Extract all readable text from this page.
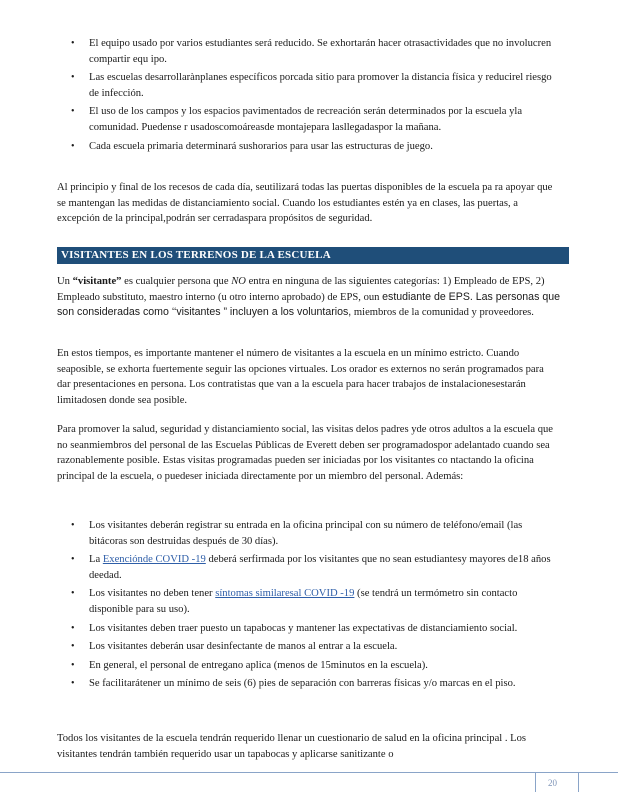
• El equipo usado por varios estudiantes será reducido. Se exhortarán hacer otrasactividades que no involucren compartir equ ipo.
• Las escuelas desarrollarànplanes específicos porcada sitio para promover la distancia física y reducirel riesgo de infección.
• El uso de los campos y los espacios pavimentados de recreación serán determinados por la escuela yla comunidad. Puedense r usadoscomoáreasde montajepara lasllegadaspor la mañana.
• Cada escuela primaria determinará sushorarios para usar las estructuras de juego.

Al principio y final de los recesos de cada día, seutilizará todas las puertas disponibles de la escuela pa ra apoyar que se mantengan las medidas de distanciamiento social. Cuando los estudiantes estén ya en clases, las puertas, a excepción de la principal,podrán ser cerradaspara propósitos de seguridad.

VISITANTES EN LOS TERRENOS DE LA ESCUELA

Un “visitante” es cualquier persona que NO entra en ninguna de las siguientes categorías: 1) Empleado de EPS, 2) Empleado substituto, maestro interno (u otro interno aprobado) de EPS, oun estudiante de EPS. Las personas que son consideradas como ‘‘visitantes ” incluyen a los voluntarios, miembros de la comunidad y proveedores.

En estos tiempos, es importante mantener el número de visitantes a la escuela en un mínimo estricto. Cuando seaposible, se exhorta fuertemente seguir las opciones virtuales. Los orador es externos no serán programados para dar presentaciones en persona. Los contratistas que van a la escuela para hacer trabajos de instalacionesestarán limitadosen donde sea posible.

Para promover la salud, seguridad y distanciamiento social, las visitas delos padres yde otros adultos a la escuela que no seanmiembros del personal de las Escuelas Públicas de Everett deben ser programadospor adelantado cuando sea razonablemente posible. Estas visitas programadas pueden ser iniciadas por los visitantes co ntactando la oficina principal de la escuela, o puedeser iniciada directamente por un miembro del personal. Además:

• Los visitantes deberán registrar su entrada en la oficina principal con su número de teléfono/email (las bitácoras son destruidas después de 30 días).
• La Exenciónde COVID -19 deberá serfirmada por los visitantes que no sean estudiantesy mayores de18 años deedad.
• Los visitantes no deben tener síntomas similaresal COVID -19 (se tendrá un termómetro sin contacto disponible para su uso).
• Los visitantes deben traer puesto un tapabocas y mantener las expectativas de distanciamiento social.
• Los visitantes deberán usar desinfectante de manos al entrar a la escuela.
• En general, el personal de entregano aplica (menos de 15minutos en la escuela).
• Se facilitarátener un mínimo de seis (6) pies de separación con barreras físicas y/o marcas en el piso.

Todos los visitantes de la escuela tendrán requerido llenar un cuestionario de salud en la oficina principal . Los visitantes tendrán también requerido usar un tapabocas y aplicarse sanitizante o

20
